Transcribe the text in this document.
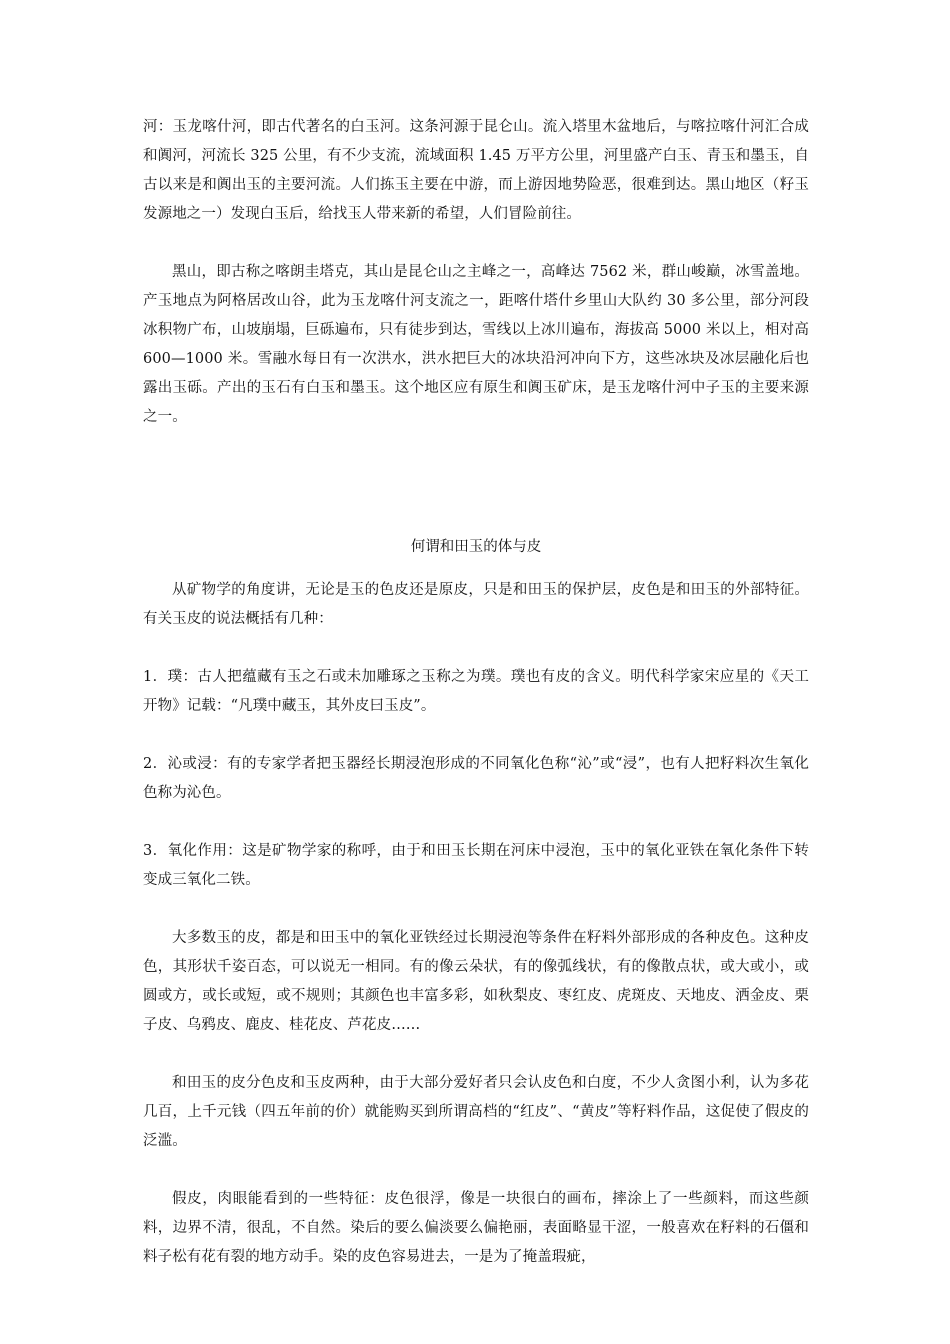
河：玉龙喀什河，即古代著名的白玉河。这条河源于昆仑山。流入塔里木盆地后，与喀拉喀什河汇合成和阗河，河流长 325 公里，有不少支流，流域面积 1.45 万平方公里，河里盛产白玉、青玉和墨玉，自古以来是和阗出玉的主要河流。人们拣玉主要在中游，而上游因地势险恶，很难到达。黑山地区（籽玉发源地之一）发现白玉后，给找玉人带来新的希望，人们冒险前往。

黑山，即古称之喀朗圭塔克，其山是昆仑山之主峰之一，高峰达 7562 米，群山峻巅，冰雪盖地。产玉地点为阿格居改山谷，此为玉龙喀什河支流之一，距喀什塔什乡里山大队约 30 多公里，部分河段冰积物广布，山坡崩塌，巨砾遍布，只有徒步到达，雪线以上冰川遍布，海拔高 5000 米以上，相对高 600—1000 米。雪融水每日有一次洪水，洪水把巨大的冰块沿河冲向下方，这些冰块及冰层融化后也露出玉砾。产出的玉石有白玉和墨玉。这个地区应有原生和阗玉矿床，是玉龙喀什河中子玉的主要来源之一。

何谓和田玉的体与皮

从矿物学的角度讲，无论是玉的色皮还是原皮，只是和田玉的保护层，皮色是和田玉的外部特征。有关玉皮的说法概括有几种：

1．璞：古人把蕴藏有玉之石或未加雕琢之玉称之为璞。璞也有皮的含义。明代科学家宋应星的《天工开物》记载：“凡璞中藏玉，其外皮曰玉皮”。

2．沁或浸：有的专家学者把玉器经长期浸泡形成的不同氧化色称“沁”或“浸”，也有人把籽料次生氧化色称为沁色。

3．氧化作用：这是矿物学家的称呼，由于和田玉长期在河床中浸泡，玉中的氧化亚铁在氧化条件下转变成三氧化二铁。

大多数玉的皮，都是和田玉中的氧化亚铁经过长期浸泡等条件在籽料外部形成的各种皮色。这种皮色，其形状千姿百态，可以说无一相同。有的像云朵状，有的像弧线状，有的像散点状，或大或小，或圆或方，或长或短，或不规则；其颜色也丰富多彩，如秋梨皮、枣红皮、虎斑皮、天地皮、洒金皮、栗子皮、乌鸦皮、鹿皮、桂花皮、芦花皮……

和田玉的皮分色皮和玉皮两种，由于大部分爱好者只会认皮色和白度，不少人贪图小利，认为多花几百，上千元钱（四五年前的价）就能购买到所谓高档的“红皮”、“黄皮”等籽料作品，这促使了假皮的泛滥。

假皮，肉眼能看到的一些特征：皮色很浮，像是一块很白的画布，摔涂上了一些颜料，而这些颜料，边界不清，很乱，不自然。染后的要么偏淡要么偏艳丽，表面略显干涩，一般喜欢在籽料的石僵和料子松有花有裂的地方动手。染的皮色容易进去，一是为了掩盖瑕疵，
